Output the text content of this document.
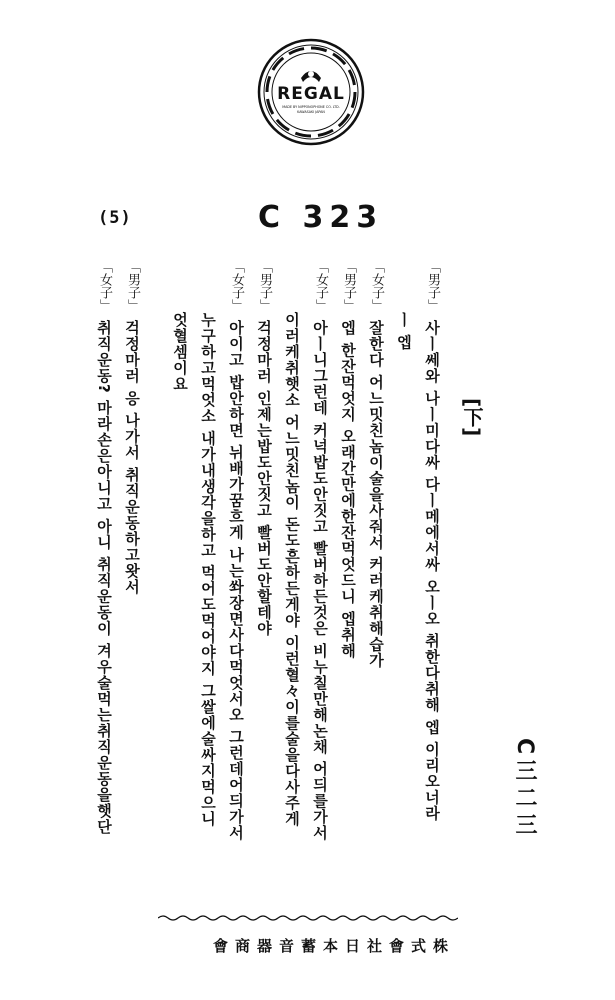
REGAL
MADE BY NIPPONOPHONE CO. LTD.
KAWASAKI JAPAN
(5)	C 323
[下]
C三二三
「男子」사ㅣ쎄와 나ㅣ미다싸 다ㅣ메에서싸 오ㅣ오 취한다취해 엡 이리오너라
ㅣ 엡
「女子」잘한다 어느밋친놈이술을사줘서 커러케취해습가
「男子」엡 한잔먹엇지 오래간만에한잔먹엇드니 엡취해
「女子」아ㅣ니그런데 커넉밥도안짓고 빨버하든것은 비누칠만해논채 어듸를가서
이러케취햇소 어느밋친놈이 돈도흔하든게야 이런혈々이를술을다사주게
「男子」걱정마러 인제는밥도안짓고 빨버도안할테야
「女子」아이고 밥안하면 뉘배가꿈흐게 나는쏴장면사다먹엇서오 그런데어듸가서
누구하고먹엇소 내가내생각을하고 먹어도먹어야지 그쌀에술싸지먹으니
엇혈셈이요
「男子」걱정마러 응 나가서 취직운동하고왓서
「女子」취직운동? 마라손은아니고 아니 취직운동이 겨우술먹는취직운동을햇단
株式會社日本蓄音器商會
